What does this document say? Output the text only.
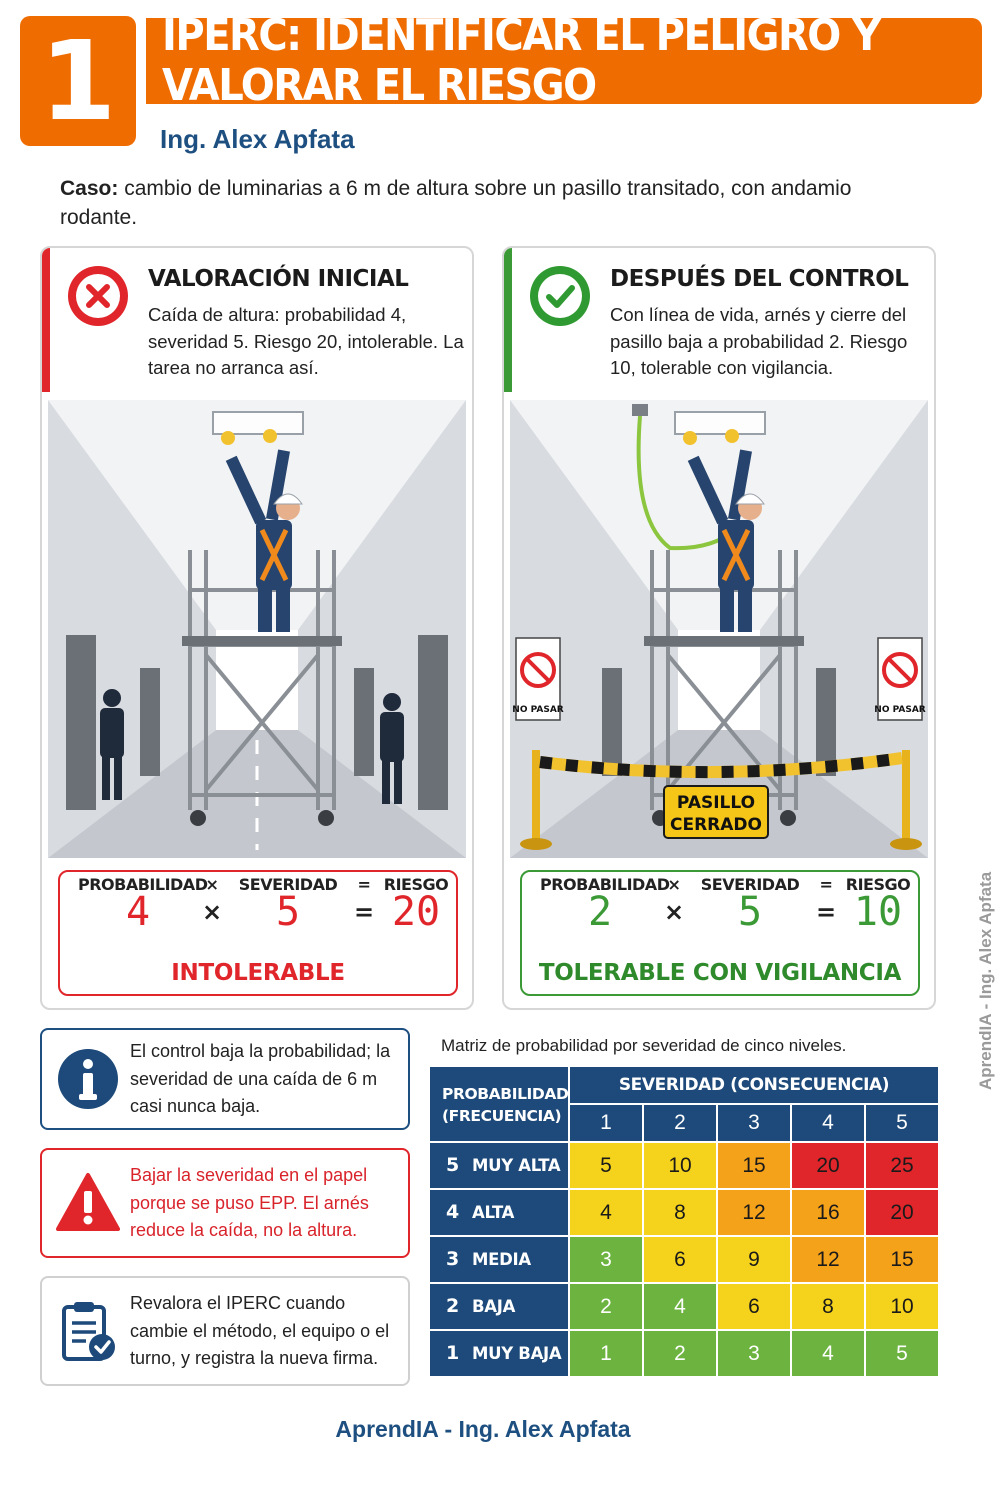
1	IPERC: IDENTIFICAR EL PELIGRO Y VALORAR EL RIESGO
Ing. Alex Apfata
Caso: cambio de luminarias a 6 m de altura sobre un pasillo transitado, con andamio rodante.
VALORACIÓN INICIAL
Caída de altura: probabilidad 4, severidad 5. Riesgo 20, intolerable. La tarea no arranca así.
PROBABILIDAD
×	SEVERIDAD	= RIESGO
4	×	5	= 20
INTOLERABLE
DESPUÉS DEL CONTROL
Con línea de vida, arnés y cierre del pasillo baja a probabilidad 2. Riesgo 10, tolerable con vigilancia.
NO PASAR	NO PASAR
PASILLO
CERRADO
PROBABILIDAD
×	SEVERIDAD	= RIESGO
2	×	5	= 10
TOLERABLE CON VIGILANCIA
El control baja la probabilidad; la severidad de una caída de 6 m casi nunca baja.
Bajar la severidad en el papel porque se puso EPP. El arnés reduce la caída, no la altura.
Revalora el IPERC cuando cambie el método, el equipo o el turno, y registra la nueva firma.
Matriz de probabilidad por severidad de cinco niveles.
PROBABILIDAD
(FRECUENCIA)
SEVERIDAD (CONSECUENCIA)
1	2	3	4	5
5 MUY ALTA	5	10	15	20	25
4 ALTA	4	8	12	16	20
3 MEDIA	3	6	9	12	15
2 BAJA	2	4	6	8	10
1 MUY BAJA	1	2	3	4	5
AprendIA - Ing. Alex Apfata
AprendIA - Ing. Alex Apfata
